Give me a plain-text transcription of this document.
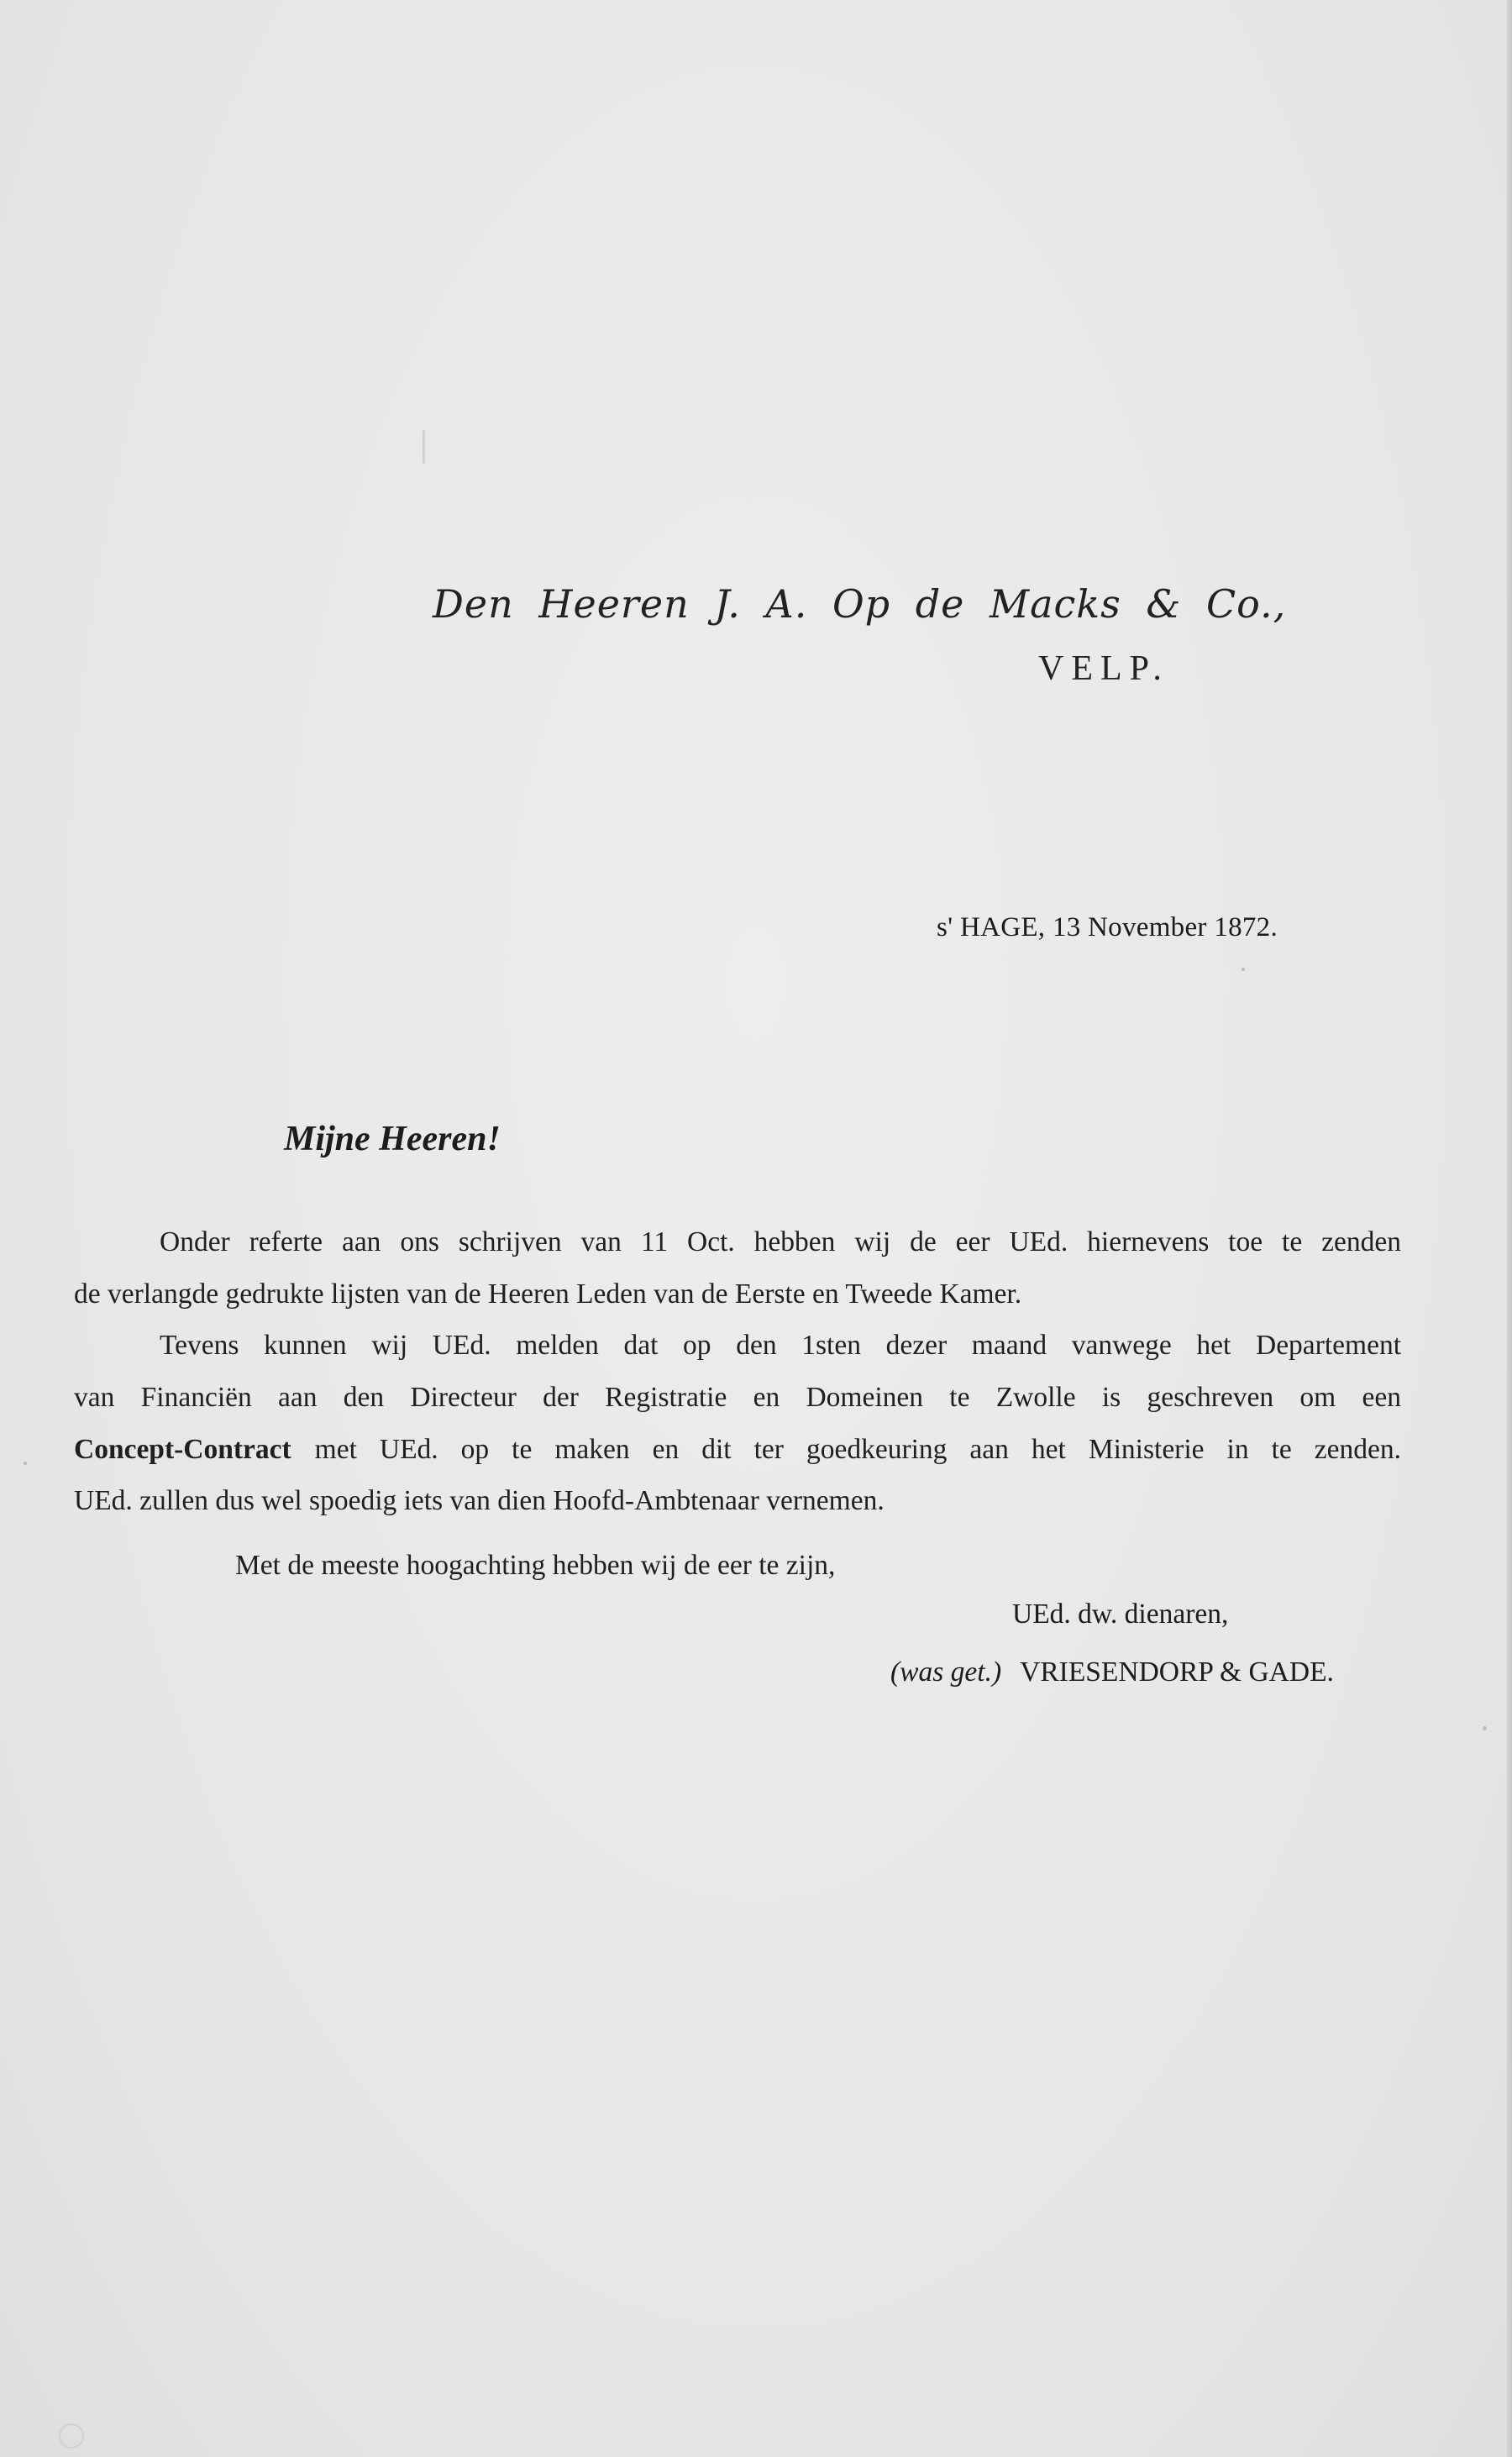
Den Heeren J. A. Op de Macks & Co.,
VELP.
s' HAGE, 13 November 1872.
Mijne Heeren!
Onder referte aan ons schrijven van 11 Oct. hebben wij de eer UEd. hiernevens toe te zenden
de verlangde gedrukte lijsten van de Heeren Leden van de Eerste en Tweede Kamer.
Tevens kunnen wij UEd. melden dat op den 1sten dezer maand vanwege het Departement
van Financiën aan den Directeur der Registratie en Domeinen te Zwolle is geschreven om een
Concept-Contract met UEd. op te maken en dit ter goedkeuring aan het Ministerie in te zenden.
UEd. zullen dus wel spoedig iets van dien Hoofd-Ambtenaar vernemen.
Met de meeste hoogachting hebben wij de eer te zijn,
UEd. dw. dienaren,
(was get.) VRIESENDORP & GADE.
